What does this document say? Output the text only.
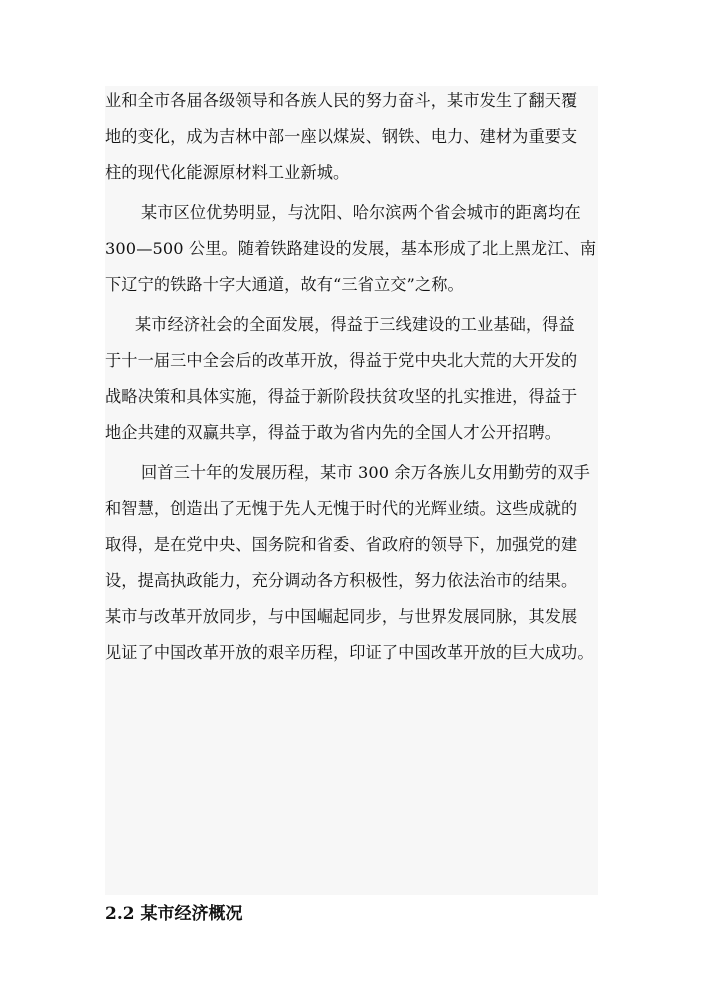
业和全市各届各级领导和各族人民的努力奋斗，某市发生了翻天覆
地的变化，成为吉林中部一座以煤炭、钢铁、电力、建材为重要支
柱的现代化能源原材料工业新城。
某市区位优势明显，与沈阳、哈尔滨两个省会城市的距离均在
300—500 公里。随着铁路建设的发展，基本形成了北上黑龙江、南
下辽宁的铁路十字大通道，故有“三省立交”之称。
某市经济社会的全面发展，得益于三线建设的工业基础，得益
于十一届三中全会后的改革开放，得益于党中央北大荒的大开发的
战略决策和具体实施，得益于新阶段扶贫攻坚的扎实推进，得益于
地企共建的双赢共享，得益于敢为省内先的全国人才公开招聘。
回首三十年的发展历程，某市 300 余万各族儿女用勤劳的双手
和智慧，创造出了无愧于先人无愧于时代的光辉业绩。这些成就的
取得，是在党中央、国务院和省委、省政府的领导下，加强党的建
设，提高执政能力，充分调动各方积极性，努力依法治市的结果。
某市与改革开放同步，与中国崛起同步，与世界发展同脉，其发展
见证了中国改革开放的艰辛历程，印证了中国改革开放的巨大成功。
2.2 某市经济概况
